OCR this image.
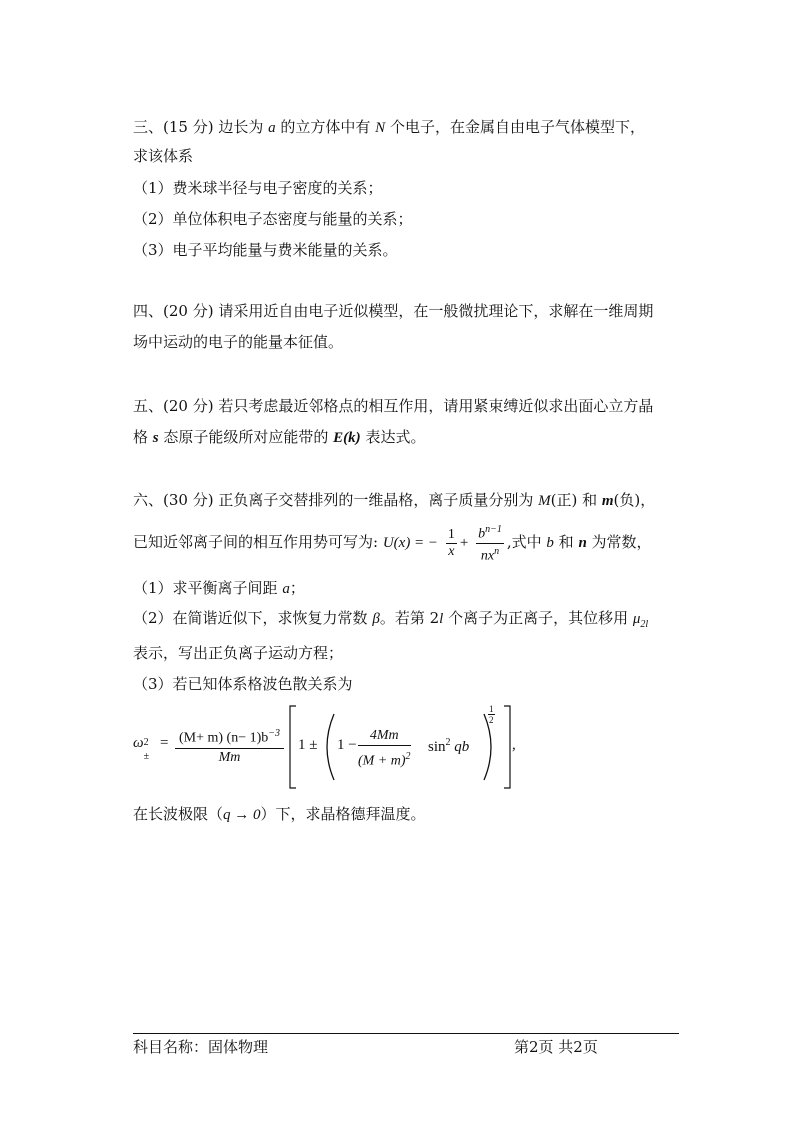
三、(15 分) 边长为 a 的立方体中有 N 个电子，在金属自由电子气体模型下，
求该体系
（1）费米球半径与电子密度的关系；
（2）单位体积电子态密度与能量的关系；
（3）电子平均能量与费米能量的关系。
四、(20 分) 请采用近自由电子近似模型，在一般微扰理论下，求解在一维周期
场中运动的电子的能量本征值。
五、(20 分) 若只考虑最近邻格点的相互作用，请用紧束缚近似求出面心立方晶
格 s 态原子能级所对应能带的 E(k) 表达式。
六、(30 分) 正负离子交替排列的一维晶格，离子质量分别为 M(正) 和 m(负)，
已知近邻离子间的相互作用势可写为: U(x) = − $\frac{1}{x} + \frac{b^{n-1}}{nx^n}$ ,式中 b 和 n 为常数，
（1）求平衡离子间距 a；
（2）在简谐近似下，求恢复力常数 β。若第 2l 个离子为正离子，其位移用 $\mu_{2l}$
表示，写出正负离子运动方程；
（3）若已知体系格波色散关系为
ω 2
±
= $\frac{(M+ m) (n- 1)b^{-3}}{Mm} 1 \pm 1 - \frac{4Mm}{(M + m)^2} \sin^2$ qb
$\frac{1}{2}$
,
在长波极限（q → 0）下，求晶格德拜温度。
科目名称：固体物理	第2页 共2页
